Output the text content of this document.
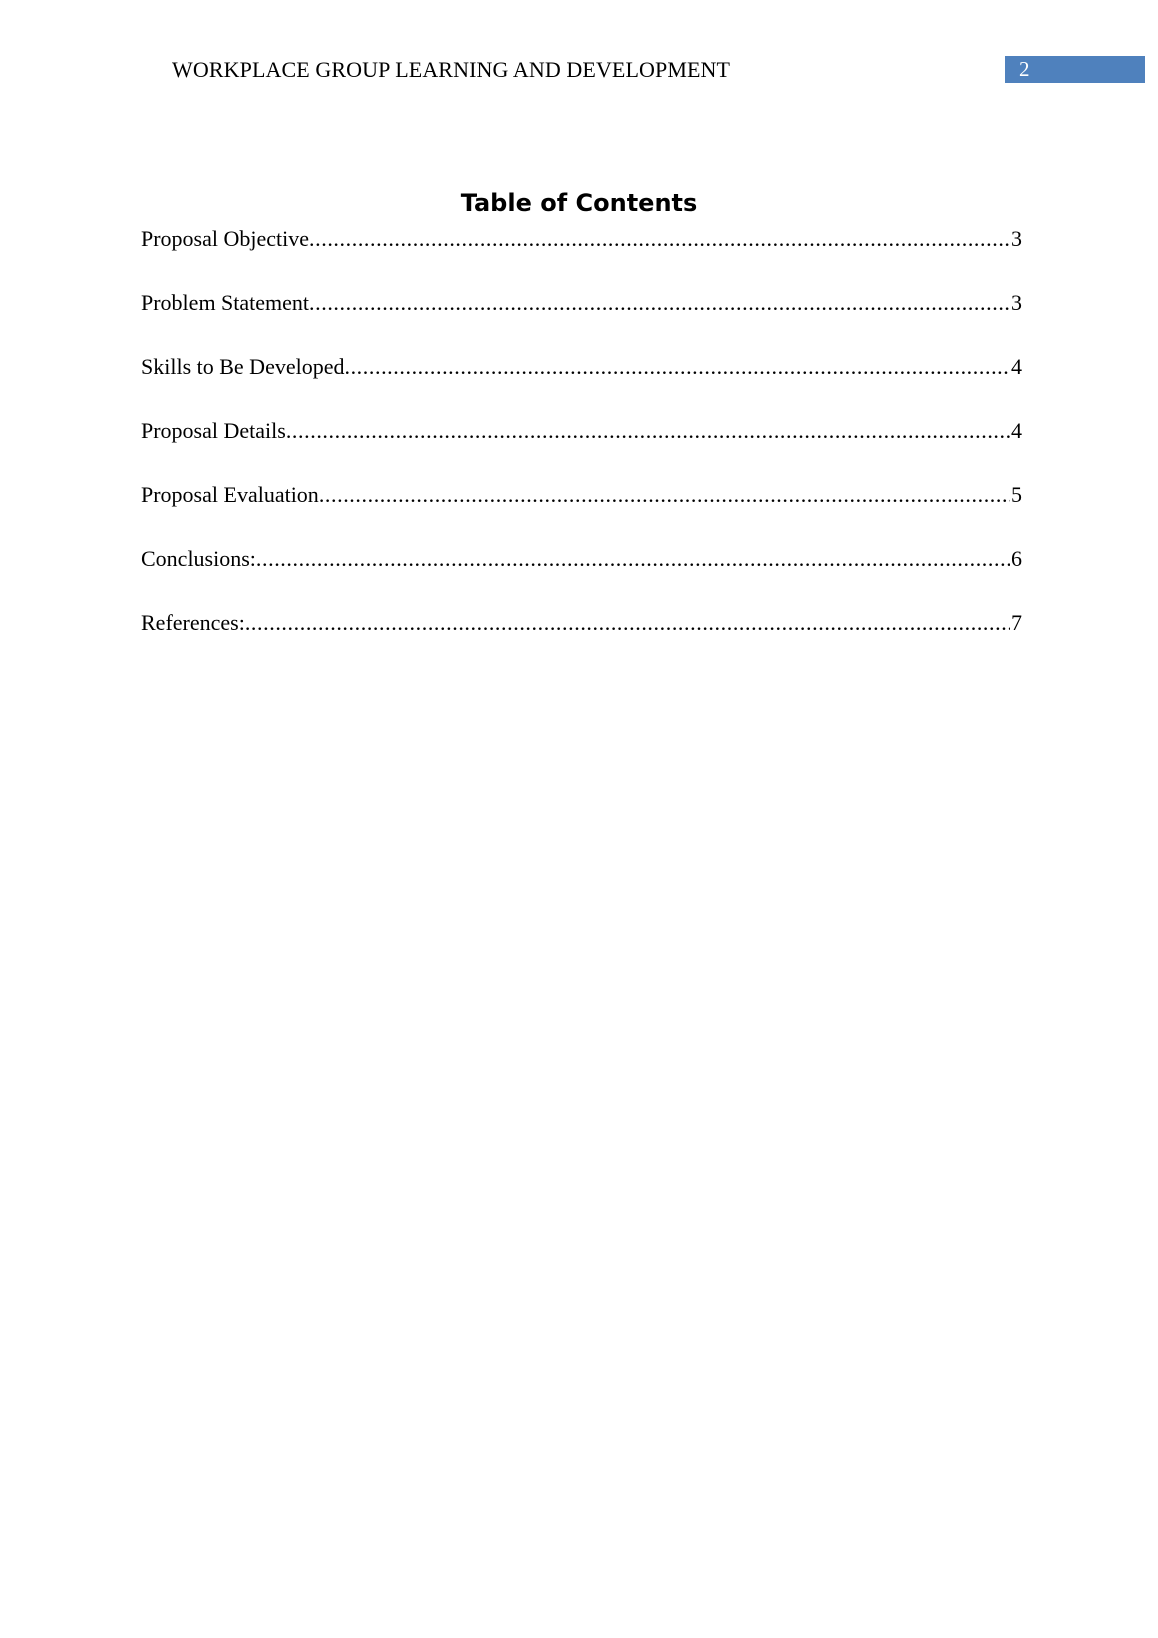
WORKPLACE GROUP LEARNING AND DEVELOPMENT	2
Table of Contents
Proposal Objective .....	3
Problem Statement .....	3
Skills to Be Developed .....	4
Proposal Details .....	4
Proposal Evaluation .....	5
Conclusions: .....	6
References: .....	7
